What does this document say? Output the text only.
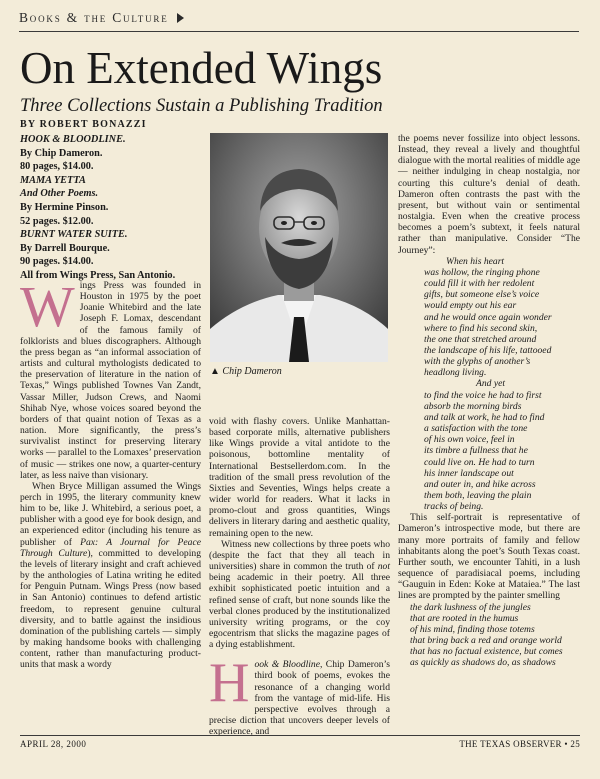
Books & the Culture
On Extended Wings
Three Collections Sustain a Publishing Tradition
BY ROBERT BONAZZI
HOOK & BLOODLINE.
By Chip Dameron.
80 pages, $14.00.
MAMA YETTA
And Other Poems.
By Hermine Pinson.
52 pages. $12.00.
BURNT WATER SUITE.
By Darrell Bourque.
90 pages. $14.00.
All from Wings Press, San Antonio.

Wings Press was founded in Houston in 1975 by the poet Joanie Whitebird and the late Joseph F. Lomax, descendant of the famous family of folklorists and blues discographers. Although the press began as “an informal association of artists and cultural mythologists dedicated to the preservation of literature in the nation of Texas,” Wings published Townes Van Zandt, Vassar Miller, Judson Crews, and Naomi Shihab Nye, whose voices soared beyond the borders of that quaint notion of Texas as a nation. More significantly, the press’s survivalist instinct for preserving literary works — parallel to the Lomaxes’ preservation of music — strikes one now, a quarter-century later, as less naive than visionary.

When Bryce Milligan assumed the Wings perch in 1995, the literary community knew him to be, like J. Whitebird, a serious poet, a publisher with a good eye for book design, and an experienced editor (including his tenure as publisher of Pax: A Journal for Peace Through Culture), committed to developing the levels of literary insight and craft achieved by the anthologies of Latina writing he edited for Penguin Putnam. Wings Press (now based in San Antonio) continues to defend artistic freedom, to represent genuine cultural diversity, and to battle against the insidious domination of the publishing cartels — simply by making handsome books with challenging content, rather than manufacturing product-units that mask a wordy

▲ Chip Dameron

void with flashy covers. Unlike Manhattan-based corporate mills, alternative publishers like Wings provide a vital antidote to the poisonous, bottomline mentality of International Bestsellerdom.com. In the tradition of the small press revolution of the Sixties and Seventies, Wings helps create a wider world for readers. What it lacks in promo-clout and gross quantities, Wings delivers in literary daring and aesthetic quality, remaining open to the new.

Witness new collections by three poets who (despite the fact that they all teach in universities) share in common the truth of not being academic in their poetry. All three exhibit sophisticated poetic intuition and a refined sense of craft, but none sounds like the verbal clones produced by the institutionalized university writing programs, or the coy egocentrism that slicks the magazine pages of a dying establishment.

Hook & Bloodline, Chip Dameron’s third book of poems, evokes the resonance of a changing world from the vantage of mid-life. His perspective evolves through a precise diction that uncovers deeper levels of experience, and

the poems never fossilize into object lessons. Instead, they reveal a lively and thoughtful dialogue with the mortal realities of middle age — neither indulging in cheap nostalgia, nor courting this culture’s denial of death. Dameron often contrasts the past with the present, but without vain or sentimental nostalgia. Even when the creative process becomes a poem’s subtext, it feels natural rather than manipulative. Consider “The Journey”:

When his heart
was hollow, the ringing phone
could fill it with her redolent
gifts, but someone else’s voice
would empty out his ear
and he would once again wonder
where to find his second skin,
the one that stretched around
the landscape of his life, tattooed
with the glyphs of another’s
headlong living.
And yet
to find the voice he had to first
absorb the morning birds
and talk at work, he had to find
a satisfaction with the tone
of his own voice, feel in
its timbre a fullness that he
could live on. He had to turn
his inner landscape out
and outer in, and hike across
them both, leaving the plain
tracks of being.

This self-portrait is representative of Dameron’s introspective mode, but there are many more portraits of family and fellow inhabitants along the poet’s South Texas coast. Further south, we encounter Tahiti, in a lush sequence of paradisiacal poems, including “Gauguin in Eden: Koke at Mataiea.” The last lines are prompted by the painter smelling

the dark lushness of the jungles
that are rooted in the humus
of his mind, finding those totems
that bring back a red and orange world
that has no factual existence, but comes
as quickly as shadows do, as shadows
APRIL 28, 2000	THE TEXAS OBSERVER • 25
